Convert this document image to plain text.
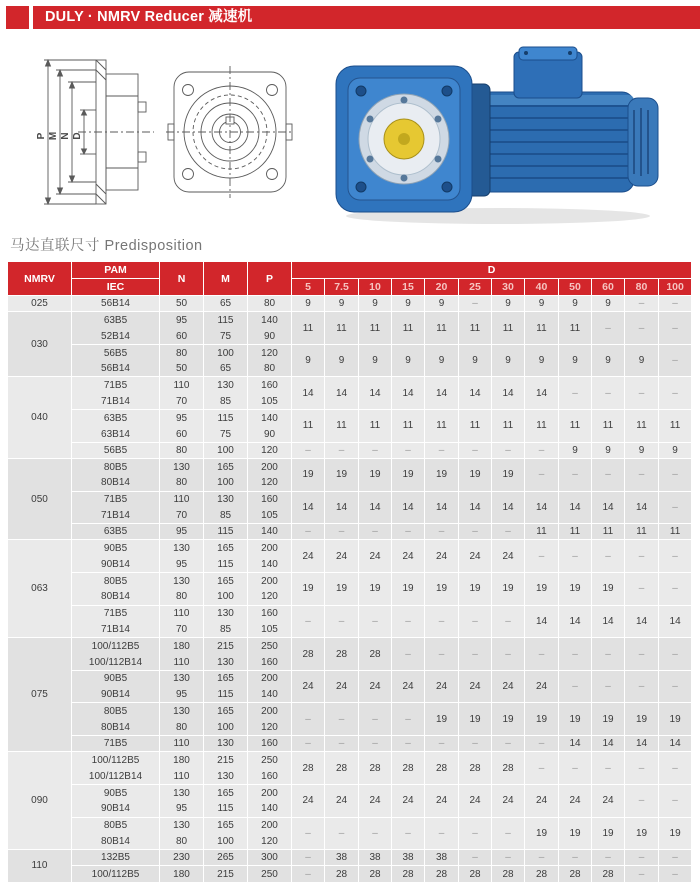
DULY · NMRV Reducer 减速机
P M N D
马达直联尺寸 Predisposition
NMRV	PAM	N	M	P	D											
	IEC				5	7.5	10	15	20	25	30	40	50	60	80	100
025	56B14	50	65	80	9	9	9	9	9	–	9	9	9	9	–	–
030	63B5	95	115	140	11	11	11	11	11	11	11	11	11	–	–	–
	52B14	60	75	90												
	56B5	80	100	120	9	9	9	9	9	9	9	9	9	9	9	–
	56B14	50	65	80												
040	71B5	110	130	160	14	14	14	14	14	14	14	14	–	–	–	–
	71B14	70	85	105												
	63B5	95	115	140	11	11	11	11	11	11	11	11	11	11	11	11
	63B14	60	75	90												
	56B5	80	100	120	–	–	–	–	–	–	–	–	9	9	9	9
050	80B5	130	165	200	19	19	19	19	19	19	19	–	–	–	–	–
	80B14	80	100	120												
	71B5	110	130	160	14	14	14	14	14	14	14	14	14	14	14	–
	71B14	70	85	105												
	63B5	95	115	140	–	–	–	–	–	–	–	11	11	11	11	11
063	90B5	130	165	200	24	24	24	24	24	24	24	–	–	–	–	–
	90B14	95	115	140												
	80B5	130	165	200	19	19	19	19	19	19	19	19	19	19	–	–
	80B14	80	100	120												
	71B5	110	130	160	–	–	–	–	–	–	–	14	14	14	14	14
	71B14	70	85	105												
075	100/112B5	180	215	250	28	28	28	–	–	–	–	–	–	–	–	–
	100/112B14	110	130	160												
	90B5	130	165	200	24	24	24	24	24	24	24	24	–	–	–	–
	90B14	95	115	140												
	80B5	130	165	200	–	–	–	–	19	19	19	19	19	19	19	19
	80B14	80	100	120												
	71B5	110	130	160	–	–	–	–	–	–	–	–	14	14	14	14
090	100/112B5	180	215	250	28	28	28	28	28	28	28	–	–	–	–	–
	100/112B14	110	130	160												
	90B5	130	165	200	24	24	24	24	24	24	24	24	24	24	–	–
	90B14	95	115	140												
	80B5	130	165	200	–	–	–	–	–	–	–	19	19	19	19	19
	80B14	80	100	120												
110	132B5	230	265	300	–	38	38	38	38	–	–	–	–	–	–	–
	100/112B5	180	215	250	–	28	28	28	28	28	28	28	28	28	–	–
